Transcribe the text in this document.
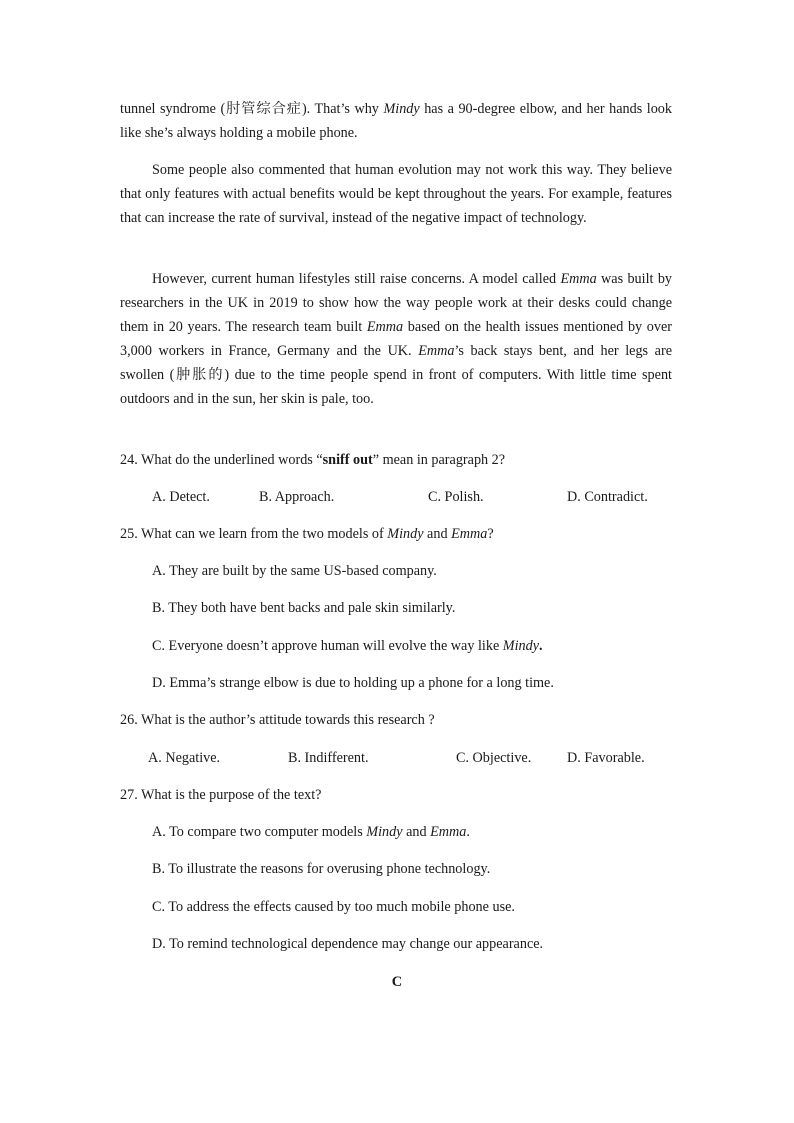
tunnel syndrome (肘管综合症). That’s why Mindy has a 90-degree elbow, and her hands look like she’s always holding a mobile phone.

Some people also commented that human evolution may not work this way. They believe that only features with actual benefits would be kept throughout the years. For example, features that can increase the rate of survival, instead of the negative impact of technology.

However, current human lifestyles still raise concerns. A model called Emma was built by researchers in the UK in 2019 to show how the way people work at their desks could change them in 20 years. The research team built Emma based on the health issues mentioned by over 3,000 workers in France, Germany and the UK. Emma’s back stays bent, and her legs are swollen (肿胀的) due to the time people spend in front of computers. With little time spent outdoors and in the sun, her skin is pale, too.

24. What do the underlined words “sniff out” mean in paragraph 2?

A. Detect.	B. Approach.	C. Polish.	D. Contradict.

25. What can we learn from the two models of Mindy and Emma?

A. They are built by the same US-based company.
B. They both have bent backs and pale skin similarly.
C. Everyone doesn’t approve human will evolve the way like Mindy.
D. Emma’s strange elbow is due to holding up a phone for a long time.

26. What is the author’s attitude towards this research ?

A. Negative.	B. Indifferent.	C. Objective.	D. Favorable.

27. What is the purpose of the text?

A. To compare two computer models Mindy and Emma.
B. To illustrate the reasons for overusing phone technology.
C. To address the effects caused by too much mobile phone use.
D. To remind technological dependence may change our appearance.
C
